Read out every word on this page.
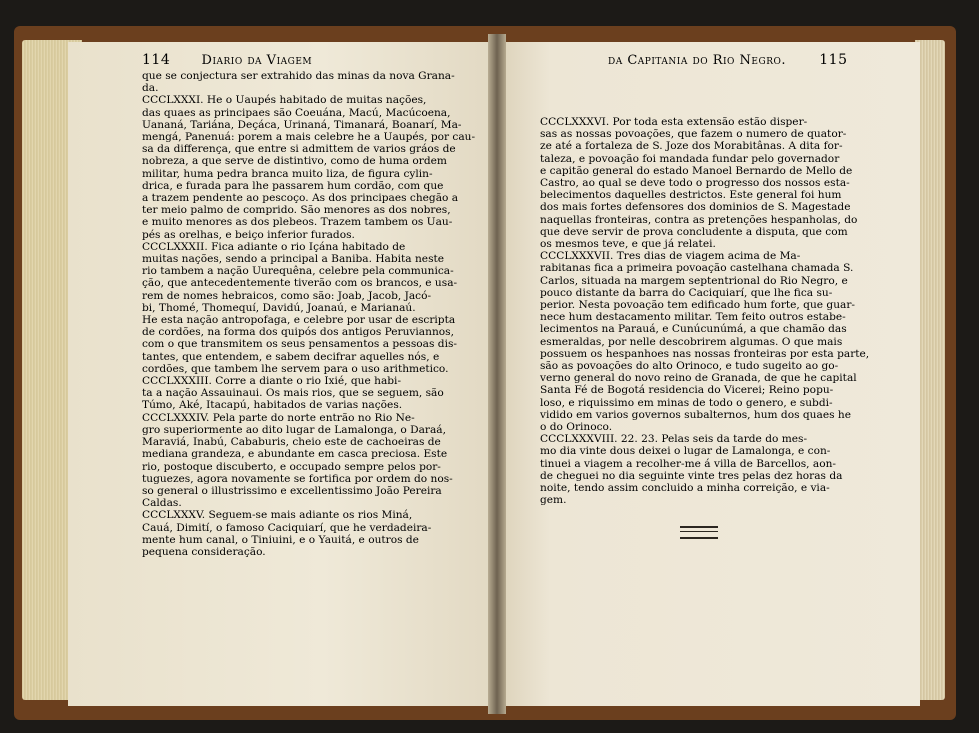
114 Diario da Viagem	da Capitania do Rio Negro. 115
que se conjectura ser extrahido das minas da nova Grana-
da.
CCCLXXXI. He o Uaupés habitado de muitas nações,
das quaes as principaes são Coeuána, Macú, Macúcoena,
Uananá, Tariána, Deçáca, Urinaná, Timanará, Boanarí, Ma-
mengá, Panenuá: porem a mais celebre he a Uaupés, por cau-
sa da differença, que entre si admittem de varios gráos de
nobreza, a que serve de distintivo, como de huma ordem
militar, huma pedra branca muito liza, de figura cylin-
drica, e furada para lhe passarem hum cordão, com que
a trazem pendente ao pescoço. As dos principaes chegão a
ter meio palmo de comprido. São menores as dos nobres,
e muito menores as dos plebeos. Trazem tambem os Uau-
pés as orelhas, e beiço inferior furados.
CCCLXXXII. Fica adiante o rio Içána habitado de
muitas nações, sendo a principal a Baniba. Habita neste
rio tambem a nação Uurequêna, celebre pela communica-
ção, que antecedentemente tiverão com os brancos, e usa-
rem de nomes hebraicos, como são: Joab, Jacob, Jacó-
bi, Thomé, Thomequí, Davidú, Joanaú, e Marianaú.
He esta nação antropofaga, e celebre por usar de escripta
de cordões, na forma dos quipós dos antigos Peruviannos,
com o que transmitem os seus pensamentos a pessoas dis-
tantes, que entendem, e sabem decifrar aquelles nós, e
cordões, que tambem lhe servem para o uso arithmetico.
CCCLXXXIII. Corre a diante o rio Ixié, que habi-
ta a nação Assauinaui. Os mais rios, que se seguem, são
Túmo, Aké, Itacapú, habitados de varias nações.
CCCLXXXIV. Pela parte do norte entrão no Rio Ne-
gro superiormente ao dito lugar de Lamalonga, o Daraá,
Maraviá, Inabú, Cababuris, cheio este de cachoeiras de
mediana grandeza, e abundante em casca preciosa. Este
rio, postoque discuberto, e occupado sempre pelos por-
tuguezes, agora novamente se fortifica por ordem do nos-
so general o illustrissimo e excellentissimo João Pereira
Caldas.
CCCLXXXV. Seguem-se mais adiante os rios Miná,
Cauá, Dimití, o famoso Caciquiarí, que he verdadeira-
mente hum canal, o Tiniuini, e o Yauitá, e outros de
pequena consideração.
CCCLXXXVI. Por toda esta extensão estão disper-
sas as nossas povoações, que fazem o numero de quator-
ze até a fortaleza de S. Joze dos Morabitânas. A dita for-
taleza, e povoação foi mandada fundar pelo governador
e capitão general do estado Manoel Bernardo de Mello de
Castro, ao qual se deve todo o progresso dos nossos esta-
belecimentos daquelles destrictos. Este general foi hum
dos mais fortes defensores dos dominios de S. Magestade
naquellas fronteiras, contra as pretenções hespanholas, do
que deve servir de prova concludente a disputa, que com
os mesmos teve, e que já relatei.
CCCLXXXVII. Tres dias de viagem acima de Ma-
rabitanas fica a primeira povoação castelhana chamada S.
Carlos, situada na margem septentrional do Rio Negro, e
pouco distante da barra do Caciquiarí, que lhe fica su-
perior. Nesta povoação tem edificado hum forte, que guar-
nece hum destacamento militar. Tem feito outros estabe-
lecimentos na Parauá, e Cunúcunúmá, a que chamão das
esmeraldas, por nelle descobrirem algumas. O que mais
possuem os hespanhoes nas nossas fronteiras por esta parte,
são as povoações do alto Orinoco, e tudo sugeito ao go-
verno general do novo reino de Granada, de que he capital
Santa Fé de Bogotá residencia do Vicerei; Reino popu-
loso, e riquissimo em minas de todo o genero, e subdi-
vidido em varios governos subalternos, hum dos quaes he
o do Orinoco.
CCCLXXXVIII. 22. 23. Pelas seis da tarde do mes-
mo dia vinte dous deixei o lugar de Lamalonga, e con-
tinuei a viagem a recolher-me á villa de Barcellos, aon-
de cheguei no dia seguinte vinte tres pelas dez horas da
noite, tendo assim concluido a minha correição, e via-
gem.
